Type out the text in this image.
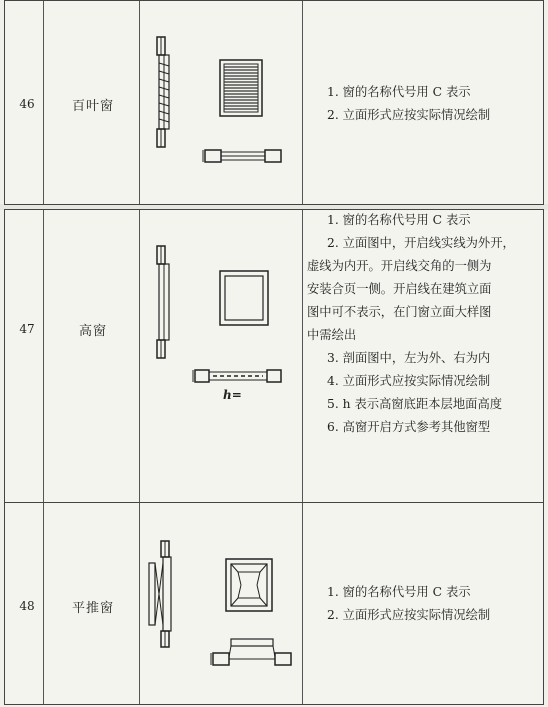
46	百叶窗

1. 窗的名称代号用 C 表示

2. 立面形式应按实际情况绘制

47	高窗
h=

1. 窗的名称代号用 C 表示

2. 立面图中，开启线实线为外开，

虚线为内开。开启线交角的一侧为

安装合页一侧。开启线在建筑立面

图中可不表示，在门窗立面大样图

中需绘出

3. 剖面图中，左为外、右为内

4. 立面形式应按实际情况绘制

5. h 表示高窗底距本层地面高度

6. 高窗开启方式参考其他窗型

48	平推窗

1. 窗的名称代号用 C 表示

2. 立面形式应按实际情况绘制
